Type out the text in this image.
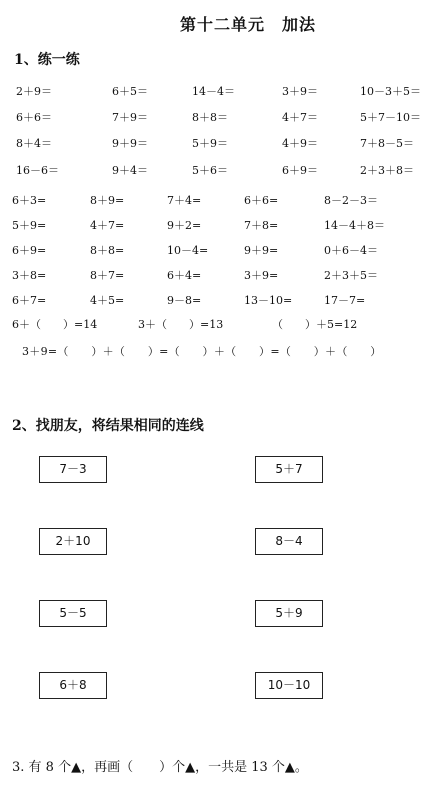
第十二单元　加法
1、练一练
2＋9＝	6＋5＝	14－4＝	3＋9＝	10－3＋5＝
6＋6＝	7＋9＝	8＋8＝	4＋7＝	5＋7－10＝
8＋4＝	9＋9＝	5＋9＝	4＋9＝	7＋8－5＝
16－6＝	9＋4＝	5＋6＝	6＋9＝	2＋3＋8＝
6＋3=	8＋9=	7＋4=	6＋6=	8－2－3＝
5＋9=	4＋7=	9＋2=	7＋8=	14－4＋8＝
6＋9=	8＋8=	10－4=	9＋9=	0＋6－4＝
3＋8=	8＋7=	6＋4=	3＋9=	2＋3＋5＝
6＋7=	4＋5=	9－8=	13－10=	17－7=
6＋（　　）=14	3＋（　　）=13	（　　）＋5=12
3＋9=（　　）＋（　　）=（　　）＋（　　）=（　　）＋（　　）
2、找朋友，将结果相同的连线
7－3
2＋10
5－5
6＋8
5＋7
8－4
5＋9
10－10
3. 有 8 个▲，再画（　　）个▲，一共是 13 个▲。
